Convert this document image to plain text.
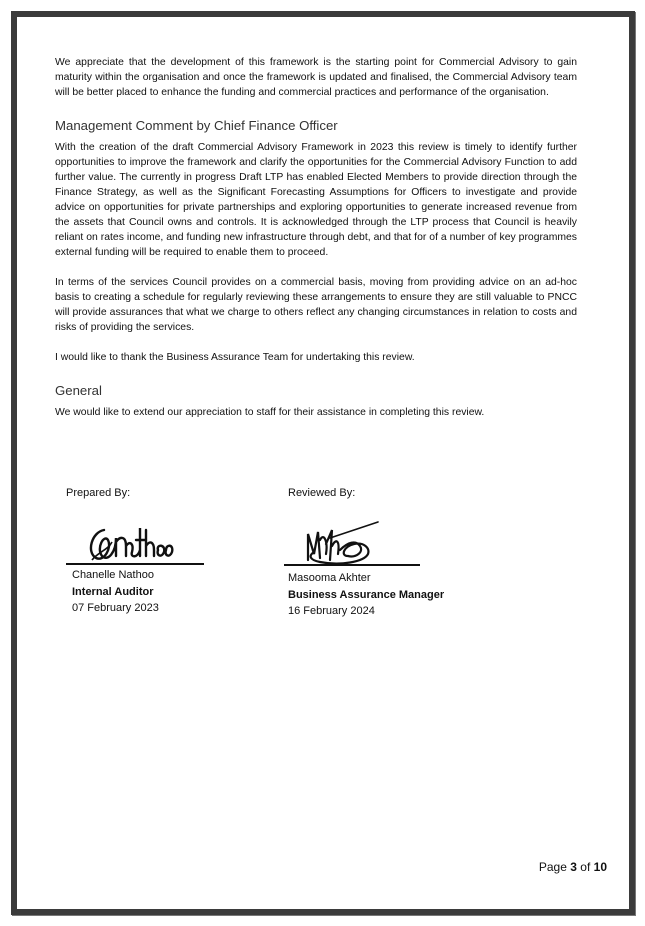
We appreciate that the development of this framework is the starting point for Commercial Advisory to gain maturity within the organisation and once the framework is updated and finalised, the Commercial Advisory team will be better placed to enhance the funding and commercial practices and performance of the organisation.

Management Comment by Chief Finance Officer

With the creation of the draft Commercial Advisory Framework in 2023 this review is timely to identify further opportunities to improve the framework and clarify the opportunities for the Commercial Advisory Function to add further value. The currently in progress Draft LTP has enabled Elected Members to provide direction through the Finance Strategy, as well as the Significant Forecasting Assumptions for Officers to investigate and provide advice on opportunities for private partnerships and exploring opportunities to generate increased revenue from the assets that Council owns and controls. It is acknowledged through the LTP process that Council is heavily reliant on rates income, and funding new infrastructure through debt, and that for of a number of key programmes external funding will be required to enable them to proceed.

In terms of the services Council provides on a commercial basis, moving from providing advice on an ad-hoc basis to creating a schedule for regularly reviewing these arrangements to ensure they are still valuable to PNCC will provide assurances that what we charge to others reflect any changing circumstances in relation to costs and risks of providing the services.

I would like to thank the Business Assurance Team for undertaking this review.

General

We would like to extend our appreciation to staff for their assistance in completing this review.

Prepared By:
Chanelle Nathoo
Internal Auditor
07 February 2023
Reviewed By:
Masooma Akhter
Business Assurance Manager
16 February 2024
Page 3 of 10
